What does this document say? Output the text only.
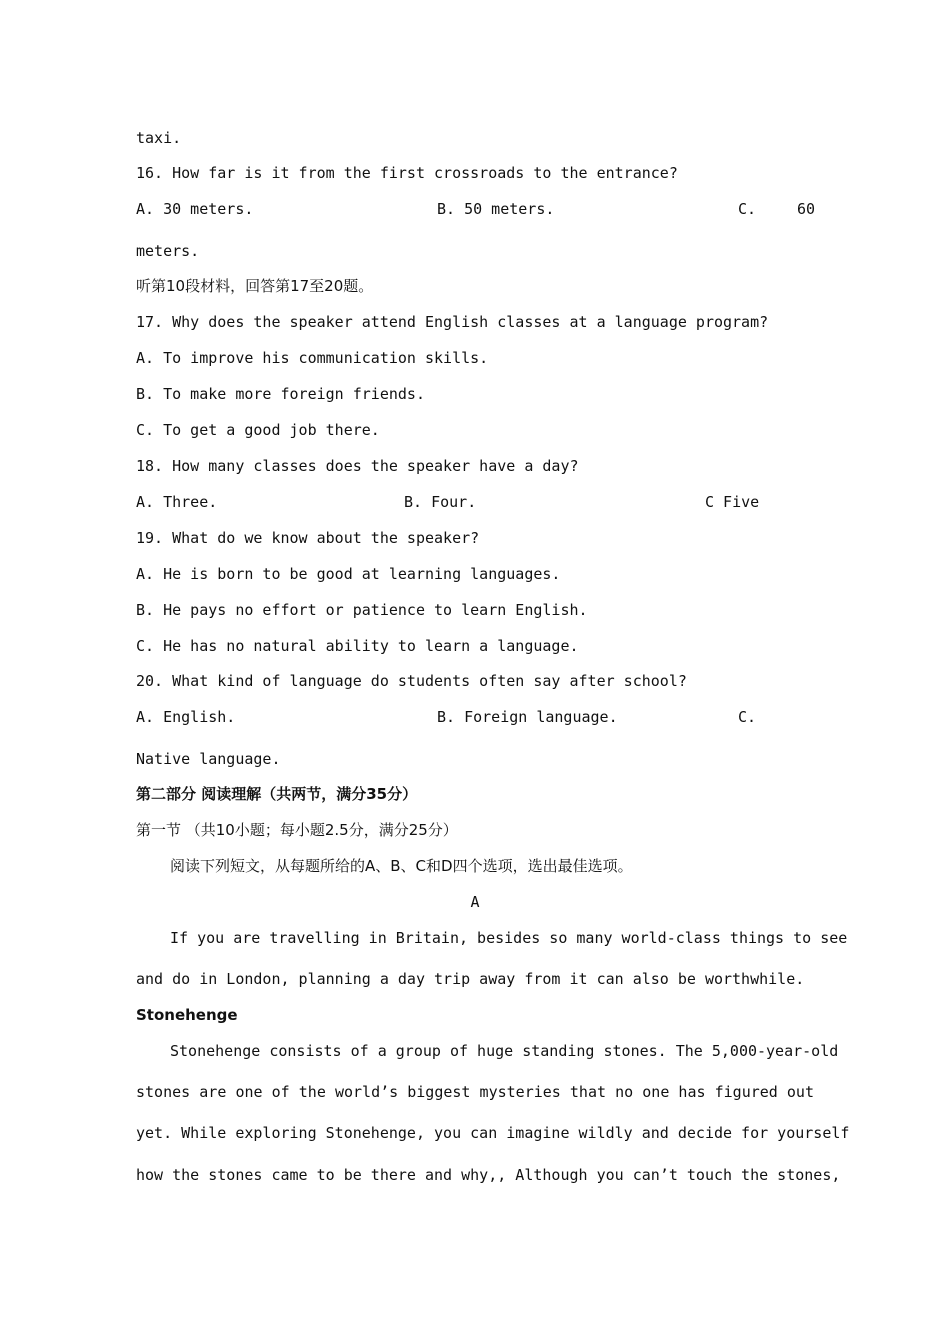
taxi.
16. How far is it from the first crossroads to the entrance?
A. 30 meters.	B. 50 meters.	C.	60
meters.
听第10段材料，回答第17至20题。
17. Why does the speaker attend English classes at a language program?
A. To improve his communication skills.
B. To make more foreign friends.
C. To get a good job there.
18. How many classes does the speaker have a day?
A. Three.	B. Four.	C Five
19. What do we know about the speaker?
A. He is born to be good at learning languages.
B. He pays no effort or patience to learn English.
C. He has no natural ability to learn a language.
20. What kind of language do students often say after school?
A. English.	B. Foreign language.	C.
Native language.
第二部分 阅读理解（共两节，满分35分）
第一节 （共10小题；每小题2.5分，满分25分）
阅读下列短文，从每题所给的A、B、C和D四个选项，选出最佳选项。
A
If you are travelling in Britain, besides so many world-class things to see
and do in London, planning a day trip away from it can also be worthwhile.
Stonehenge
Stonehenge consists of a group of huge standing stones. The 5,000-year-old
stones are one of the world’s biggest mysteries that no one has figured out
yet. While exploring Stonehenge, you can imagine wildly and decide for yourself
how the stones came to be there and why,, Although you can’t touch the stones,
